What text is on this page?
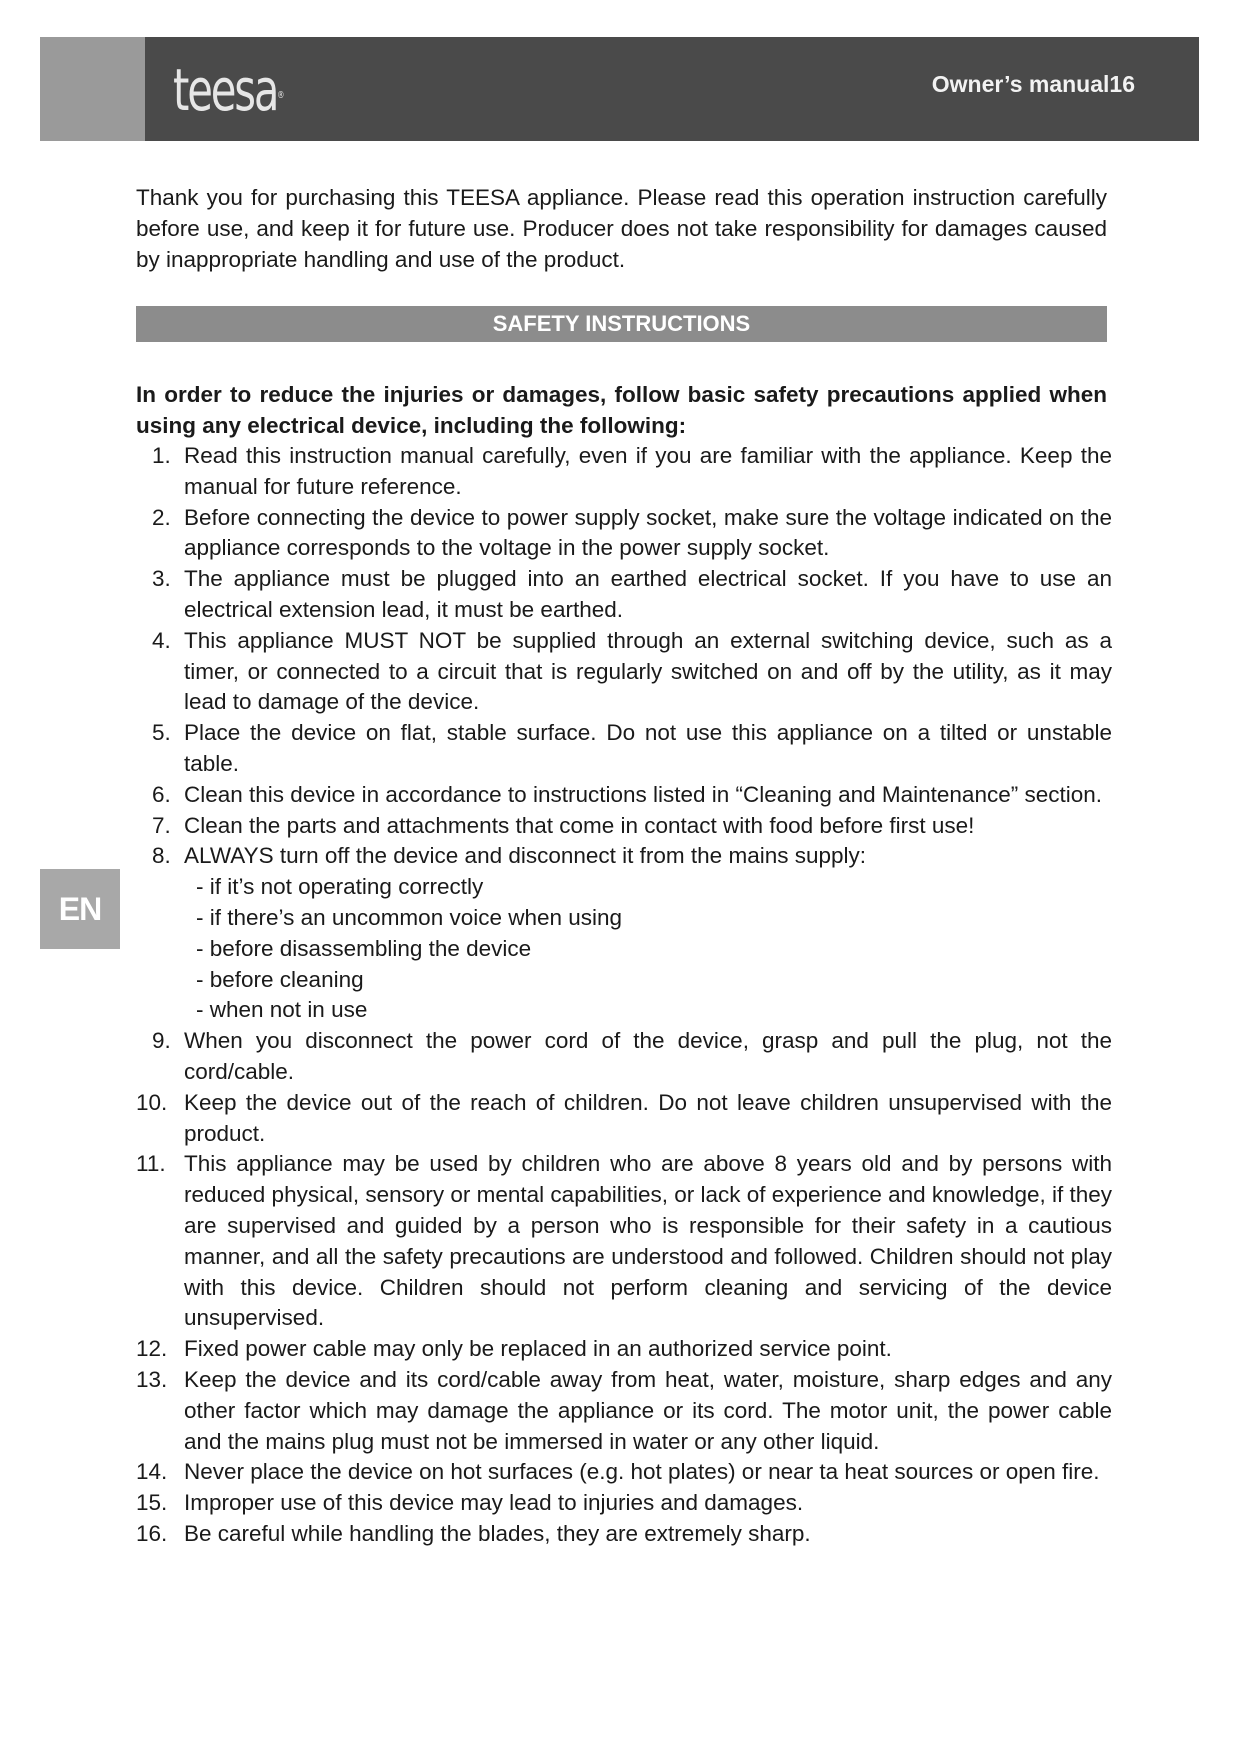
teesa®	Owner’s manual16

Thank you for purchasing this TEESA appliance. Please read this operation instruction carefully before use, and keep it for future use. Producer does not take responsibility for damages caused by inappropriate handling and use of the product.

SAFETY INSTRUCTIONS

In order to reduce the injuries or damages, follow basic safety precautions applied when using any electrical device, including the following:

EN
1. Read this instruction manual carefully, even if you are familiar with the appliance. Keep the manual for future reference.
2. Before connecting the device to power supply socket, make sure the voltage indicated on the appliance corresponds to the voltage in the power supply socket.
3. The appliance must be plugged into an earthed electrical socket. If you have to use an electrical extension lead, it must be earthed.
4. This appliance MUST NOT be supplied through an external switching device, such as a timer, or connected to a circuit that is regularly switched on and off by the utility, as it may lead to damage of the device.
5. Place the device on flat, stable surface. Do not use this appliance on a tilted or unstable table.
6. Clean this device in accordance to instructions listed in “Cleaning and Maintenance” section.
7. Clean the parts and attachments that come in contact with food before first use!
8. ALWAYS turn off the device and disconnect it from the mains supply:
- if it’s not operating correctly
- if there’s an uncommon voice when using
- before disassembling the device
- before cleaning
- when not in use
9. When you disconnect the power cord of the device, grasp and pull the plug, not the cord/cable.
10. Keep the device out of the reach of children. Do not leave children unsupervised with the product.
11. This appliance may be used by children who are above 8 years old and by persons with reduced physical, sensory or mental capabilities, or lack of experience and knowledge, if they are supervised and guided by a person who is responsible for their safety in a cautious manner, and all the safety precautions are understood and followed. Children should not play with this device. Children should not perform cleaning and servicing of the device unsupervised.
12. Fixed power cable may only be replaced in an authorized service point.
13. Keep the device and its cord/cable away from heat, water, moisture, sharp edges and any other factor which may damage the appliance or its cord. The motor unit, the power cable and the mains plug must not be immersed in water or any other liquid.
14. Never place the device on hot surfaces (e.g. hot plates) or near ta heat sources or open fire.
15. Improper use of this device may lead to injuries and damages.
16. Be careful while handling the blades, they are extremely sharp.
